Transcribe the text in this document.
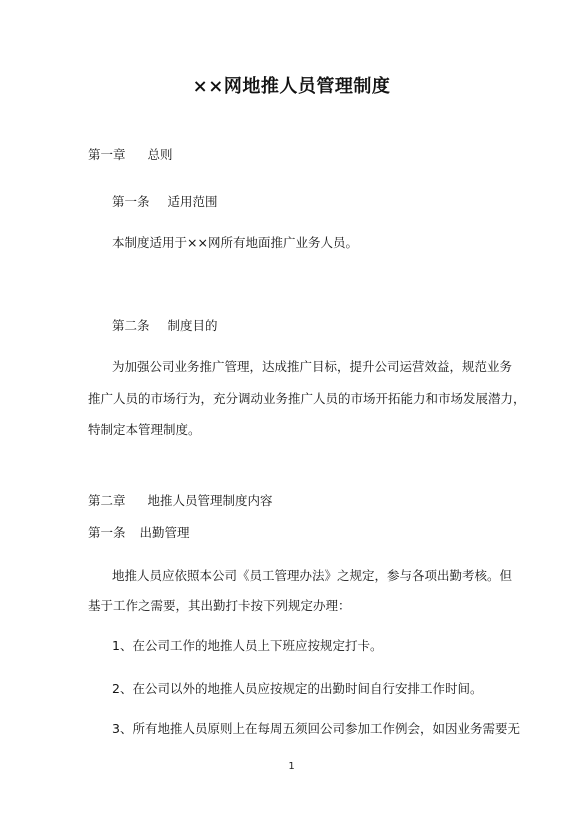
××网地推人员管理制度
第一章 总则
第一条 适用范围
本制度适用于××网所有地面推广业务人员。
第二条 制度目的
为加强公司业务推广管理，达成推广目标，提升公司运营效益，规范业务
推广人员的市场行为，充分调动业务推广人员的市场开拓能力和市场发展潜力，
特制定本管理制度。
第二章 地推人员管理制度内容
第一条 出勤管理
地推人员应依照本公司《员工管理办法》之规定，参与各项出勤考核。但
基于工作之需要，其出勤打卡按下列规定办理：
1、在公司工作的地推人员上下班应按规定打卡。
2、在公司以外的地推人员应按规定的出勤时间自行安排工作时间。
3、所有地推人员原则上在每周五须回公司参加工作例会，如因业务需要无
1
